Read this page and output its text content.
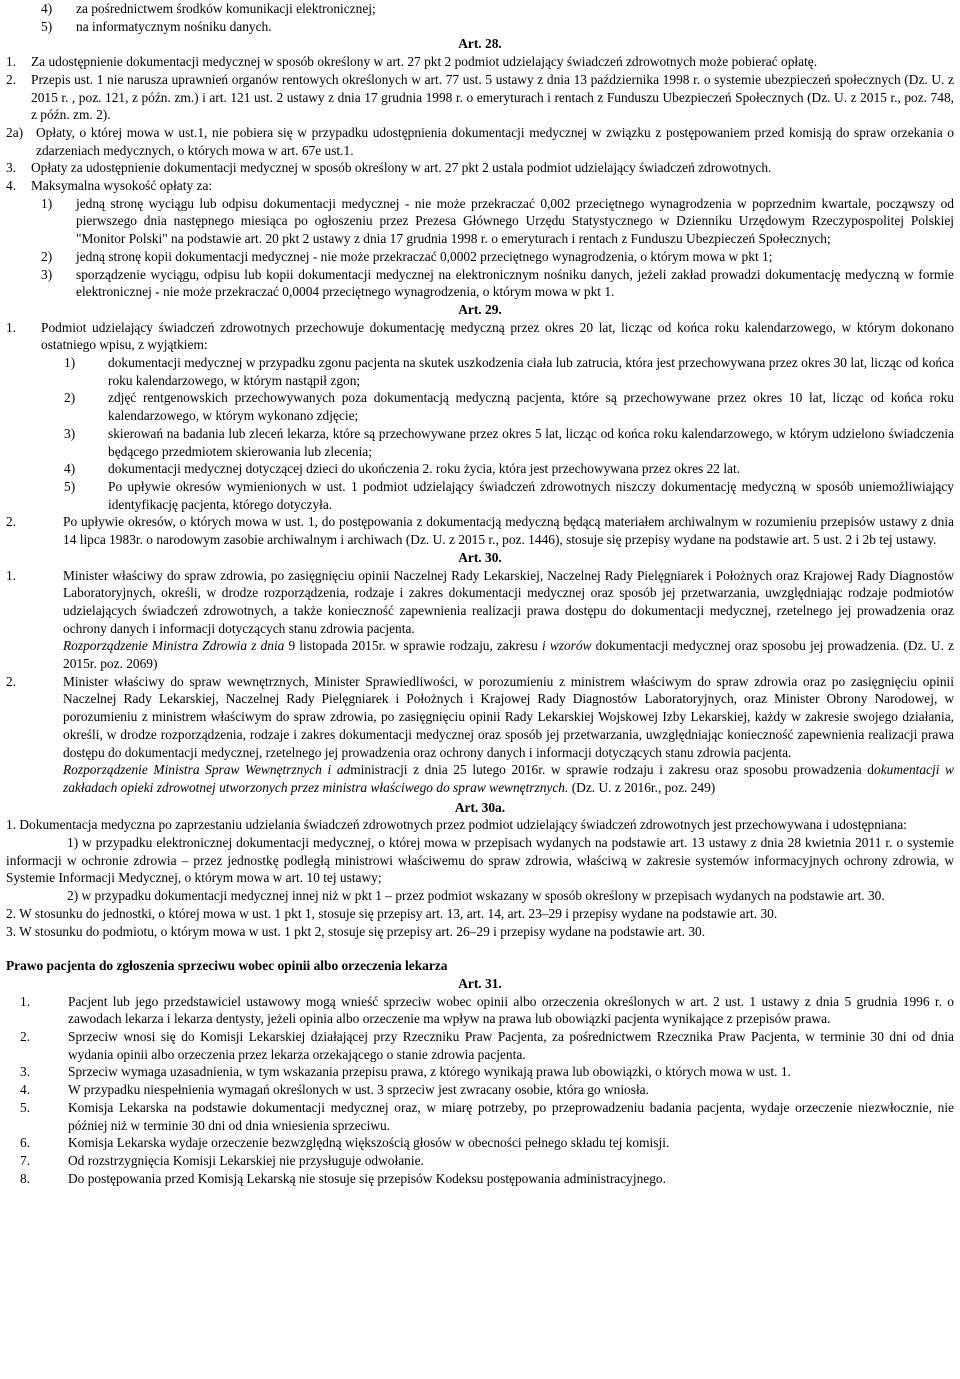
4)	za pośrednictwem środków komunikacji elektronicznej;
5)	na informatycznym nośniku danych.
Art. 28.
1.	Za udostępnienie dokumentacji medycznej w sposób określony w art. 27 pkt 2 podmiot udzielający świadczeń zdrowotnych może pobierać opłatę.
2.	Przepis ust. 1 nie narusza uprawnień organów rentowych określonych w art. 77 ust. 5 ustawy z dnia 13 października 1998 r. o systemie ubezpieczeń społecznych (Dz. U. z 2015 r. , poz. 121, z późn. zm.) i art. 121 ust. 2 ustawy z dnia 17 grudnia 1998 r. o emeryturach i rentach z Funduszu Ubezpieczeń Społecznych (Dz. U. z 2015 r., poz. 748, z późn. zm. 2).
2a) Opłaty, o której mowa w ust.1, nie pobiera się w przypadku udostępnienia dokumentacji medycznej w związku z postępowaniem przed komisją do spraw orzekania o zdarzeniach medycznych, o których mowa w art. 67e ust.1.
3.	Opłaty za udostępnienie dokumentacji medycznej w sposób określony w art. 27 pkt 2 ustala podmiot udzielający świadczeń zdrowotnych.
4.	Maksymalna wysokość opłaty za:
1)	jedną stronę wyciągu lub odpisu dokumentacji medycznej - nie może przekraczać 0,002 przeciętnego wynagrodzenia w poprzednim kwartale, począwszy od pierwszego dnia następnego miesiąca po ogłoszeniu przez Prezesa Głównego Urzędu Statystycznego w Dzienniku Urzędowym Rzeczypospolitej Polskiej "Monitor Polski" na podstawie art. 20 pkt 2 ustawy z dnia 17 grudnia 1998 r. o emeryturach i rentach z Funduszu Ubezpieczeń Społecznych;
2)	jedną stronę kopii dokumentacji medycznej - nie może przekraczać 0,0002 przeciętnego wynagrodzenia, o którym mowa w pkt 1;
3)	sporządzenie wyciągu, odpisu lub kopii dokumentacji medycznej na elektronicznym nośniku danych, jeżeli zakład prowadzi dokumentację medyczną w formie elektronicznej - nie może przekraczać 0,0004 przeciętnego wynagrodzenia, o którym mowa w pkt 1.
Art. 29.
1.	Podmiot udzielający świadczeń zdrowotnych przechowuje dokumentację medyczną przez okres 20 lat, licząc od końca roku kalendarzowego, w którym dokonano ostatniego wpisu, z wyjątkiem:
1)	dokumentacji medycznej w przypadku zgonu pacjenta na skutek uszkodzenia ciała lub zatrucia, która jest przechowywana przez okres 30 lat, licząc od końca roku kalendarzowego, w którym nastąpił zgon;
2)	zdjęć rentgenowskich przechowywanych poza dokumentacją medyczną pacjenta, które są przechowywane przez okres 10 lat, licząc od końca roku kalendarzowego, w którym wykonano zdjęcie;
3)	skierowań na badania lub zleceń lekarza, które są przechowywane przez okres 5 lat, licząc od końca roku kalendarzowego, w którym udzielono świadczenia będącego przedmiotem skierowania lub zlecenia;
4)	dokumentacji medycznej dotyczącej dzieci do ukończenia 2. roku życia, która jest przechowywana przez okres 22 lat.
5)	Po upływie okresów wymienionych w ust. 1 podmiot udzielający świadczeń zdrowotnych niszczy dokumentację medyczną w sposób uniemożliwiający identyfikację pacjenta, którego dotyczyła.
2.	Po upływie okresów, o których mowa w ust. 1, do postępowania z dokumentacją medyczną będącą materiałem archiwalnym w rozumieniu przepisów ustawy z dnia 14 lipca 1983r. o narodowym zasobie archiwalnym i archiwach (Dz. U. z 2015 r., poz. 1446), stosuje się przepisy wydane na podstawie art. 5 ust. 2 i 2b tej ustawy.
Art. 30.
1.	Minister właściwy do spraw zdrowia, po zasięgnięciu opinii Naczelnej Rady Lekarskiej, Naczelnej Rady Pielęgniarek i Położnych oraz Krajowej Rady Diagnostów Laboratoryjnych, określi, w drodze rozporządzenia, rodzaje i zakres dokumentacji medycznej oraz sposób jej przetwarzania, uwzględniając rodzaje podmiotów udzielających świadczeń zdrowotnych, a także konieczność zapewnienia realizacji prawa dostępu do dokumentacji medycznej, rzetelnego jej prowadzenia oraz ochrony danych i informacji dotyczących stanu zdrowia pacjenta.
Rozporządzenie Ministra Zdrowia z dnia 9 listopada 2015r. w sprawie rodzaju, zakresu i wzorów dokumentacji medycznej oraz sposobu jej prowadzenia. (Dz. U. z 2015r. poz. 2069)
2.	Minister właściwy do spraw wewnętrznych, Minister Sprawiedliwości, w porozumieniu z ministrem właściwym do spraw zdrowia oraz po zasięgnięciu opinii Naczelnej Rady Lekarskiej, Naczelnej Rady Pielęgniarek i Położnych i Krajowej Rady Diagnostów Laboratoryjnych, oraz Minister Obrony Narodowej, w porozumieniu z ministrem właściwym do spraw zdrowia, po zasięgnięciu opinii Rady Lekarskiej Wojskowej Izby Lekarskiej, każdy w zakresie swojego działania, określi, w drodze rozporządzenia, rodzaje i zakres dokumentacji medycznej oraz sposób jej przetwarzania, uwzględniając konieczność zapewnienia realizacji prawa dostępu do dokumentacji medycznej, rzetelnego jej prowadzenia oraz ochrony danych i informacji dotyczących stanu zdrowia pacjenta.
Rozporządzenie Ministra Spraw Wewnętrznych i administracji z dnia 25 lutego 2016r. w sprawie rodzaju i zakresu oraz sposobu prowadzenia dokumentacji w zakładach opieki zdrowotnej utworzonych przez ministra właściwego do spraw wewnętrznych. (Dz. U. z 2016r., poz. 249)
Art. 30a.

1. Dokumentacja medyczna po zaprzestaniu udzielania świadczeń zdrowotnych przez podmiot udzielający świadczeń zdrowotnych jest przechowywana i udostępniana:

1) w przypadku elektronicznej dokumentacji medycznej, o której mowa w przepisach wydanych na podstawie art. 13 ustawy z dnia 28 kwietnia 2011 r. o systemie informacji w ochronie zdrowia – przez jednostkę podległą ministrowi właściwemu do spraw zdrowia, właściwą w zakresie systemów informacyjnych ochrony zdrowia, w Systemie Informacji Medycznej, o którym mowa w art. 10 tej ustawy;

2) w przypadku dokumentacji medycznej innej niż w pkt 1 – przez podmiot wskazany w sposób określony w przepisach wydanych na podstawie art. 30.

2. W stosunku do jednostki, o której mowa w ust. 1 pkt 1, stosuje się przepisy art. 13, art. 14, art. 23–29 i przepisy wydane na podstawie art. 30.

3. W stosunku do podmiotu, o którym mowa w ust. 1 pkt 2, stosuje się przepisy art. 26–29 i przepisy wydane na podstawie art. 30.

Prawo pacjenta do zgłoszenia sprzeciwu wobec opinii albo orzeczenia lekarza
Art. 31.
1.	Pacjent lub jego przedstawiciel ustawowy mogą wnieść sprzeciw wobec opinii albo orzeczenia określonych w art. 2 ust. 1 ustawy z dnia 5 grudnia 1996 r. o zawodach lekarza i lekarza dentysty, jeżeli opinia albo orzeczenie ma wpływ na prawa lub obowiązki pacjenta wynikające z przepisów prawa.
2.	Sprzeciw wnosi się do Komisji Lekarskiej działającej przy Rzeczniku Praw Pacjenta, za pośrednictwem Rzecznika Praw Pacjenta, w terminie 30 dni od dnia wydania opinii albo orzeczenia przez lekarza orzekającego o stanie zdrowia pacjenta.
3.	Sprzeciw wymaga uzasadnienia, w tym wskazania przepisu prawa, z którego wynikają prawa lub obowiązki, o których mowa w ust. 1.
4.	W przypadku niespełnienia wymagań określonych w ust. 3 sprzeciw jest zwracany osobie, która go wniosła.
5.	Komisja Lekarska na podstawie dokumentacji medycznej oraz, w miarę potrzeby, po przeprowadzeniu badania pacjenta, wydaje orzeczenie niezwłocznie, nie później niż w terminie 30 dni od dnia wniesienia sprzeciwu.
6.	Komisja Lekarska wydaje orzeczenie bezwzględną większością głosów w obecności pełnego składu tej komisji.
7.	Od rozstrzygnięcia Komisji Lekarskiej nie przysługuje odwołanie.
8.	Do postępowania przed Komisją Lekarską nie stosuje się przepisów Kodeksu postępowania administracyjnego.
